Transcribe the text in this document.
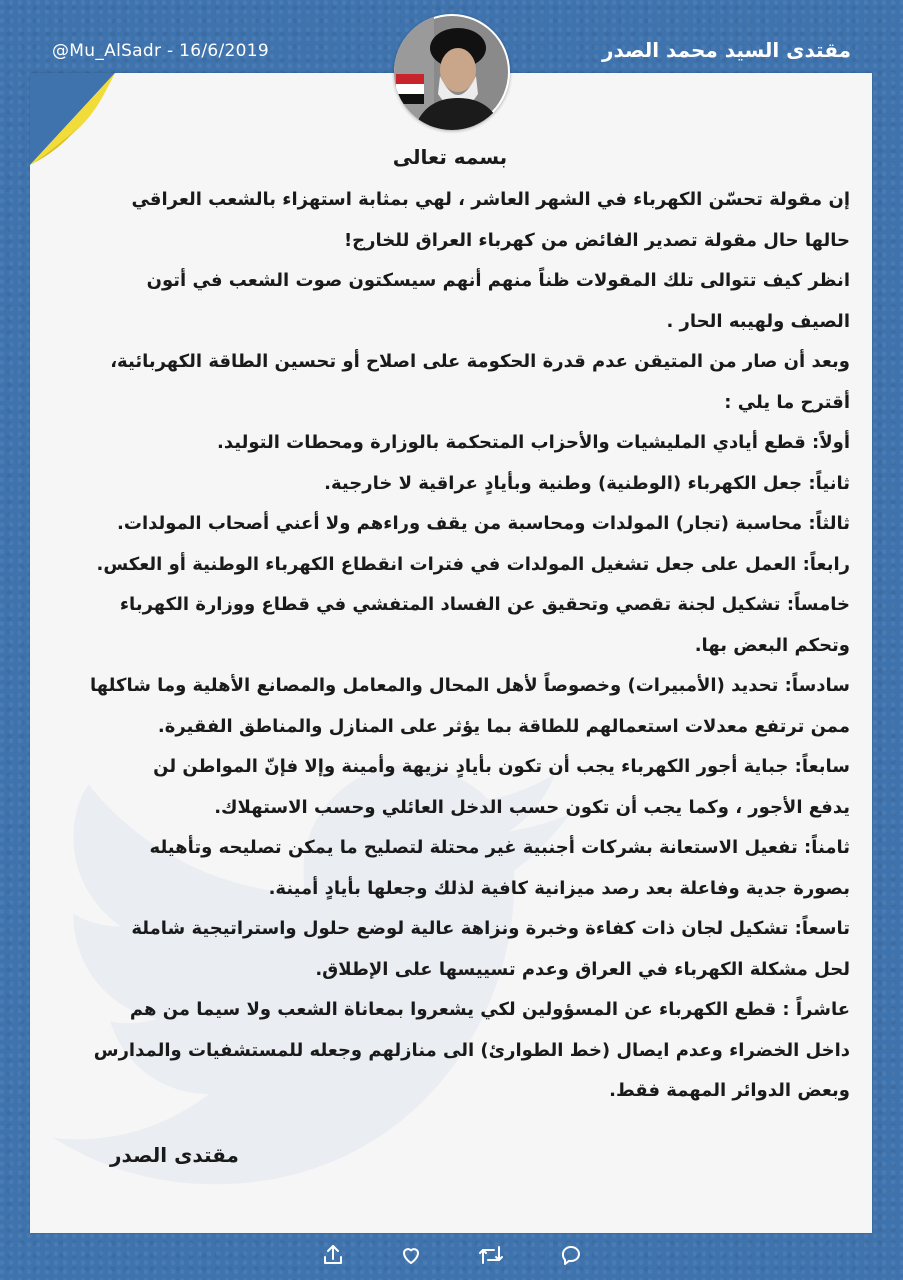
@Mu_AlSadr - 16/6/2019	مقتدى السيد محمد الصدر
بسمه تعالى
إن مقولة تحسّن الكهرباء في الشهر العاشر ، لهي بمثابة استهزاء بالشعب العراقي
حالها حال مقولة تصدير الفائض من كهرباء العراق للخارج!
انظر كيف تتوالى تلك المقولات ظناً منهم أنهم سيسكتون صوت الشعب في أتون
الصيف ولهيبه الحار .
وبعد أن صار من المتيقن عدم قدرة الحكومة على اصلاح أو تحسين الطاقة الكهربائية،
أقترح ما يلي :
أولاً: قطع أيادي المليشيات والأحزاب المتحكمة بالوزارة ومحطات التوليد.
ثانياً: جعل الكهرباء (الوطنية) وطنية وبأيادٍ عراقية لا خارجية.
ثالثاً: محاسبة (تجار) المولدات ومحاسبة من يقف وراءهم ولا أعني أصحاب المولدات.
رابعاً: العمل على جعل تشغيل المولدات في فترات انقطاع الكهرباء الوطنية أو العكس.
خامساً: تشكيل لجنة تقصي وتحقيق عن الفساد المتفشي في قطاع ووزارة الكهرباء
وتحكم البعض بها.
سادساً: تحديد (الأمبيرات) وخصوصاً لأهل المحال والمعامل والمصانع الأهلية وما شاكلها
ممن ترتفع معدلات استعمالهم للطاقة بما يؤثر على المنازل والمناطق الفقيرة.
سابعاً: جباية أجور الكهرباء يجب أن تكون بأيادٍ نزيهة وأمينة وإلا فإنّ المواطن لن
يدفع الأجور ، وكما يجب أن تكون حسب الدخل العائلي وحسب الاستهلاك.
ثامناً: تفعيل الاستعانة بشركات أجنبية غير محتلة لتصليح ما يمكن تصليحه وتأهيله
بصورة جدية وفاعلة بعد رصد ميزانية كافية لذلك وجعلها بأيادٍ أمينة.
تاسعاً: تشكيل لجان ذات كفاءة وخبرة ونزاهة عالية لوضع حلول واستراتيجية شاملة
لحل مشكلة الكهرباء في العراق وعدم تسييسها على الإطلاق.
عاشراً : قطع الكهرباء عن المسؤولين لكي يشعروا بمعاناة الشعب ولا سيما من هم
داخل الخضراء وعدم ايصال (خط الطوارئ) الى منازلهم وجعله للمستشفيات والمدارس
وبعض الدوائر المهمة فقط.
مقتدى الصدر
